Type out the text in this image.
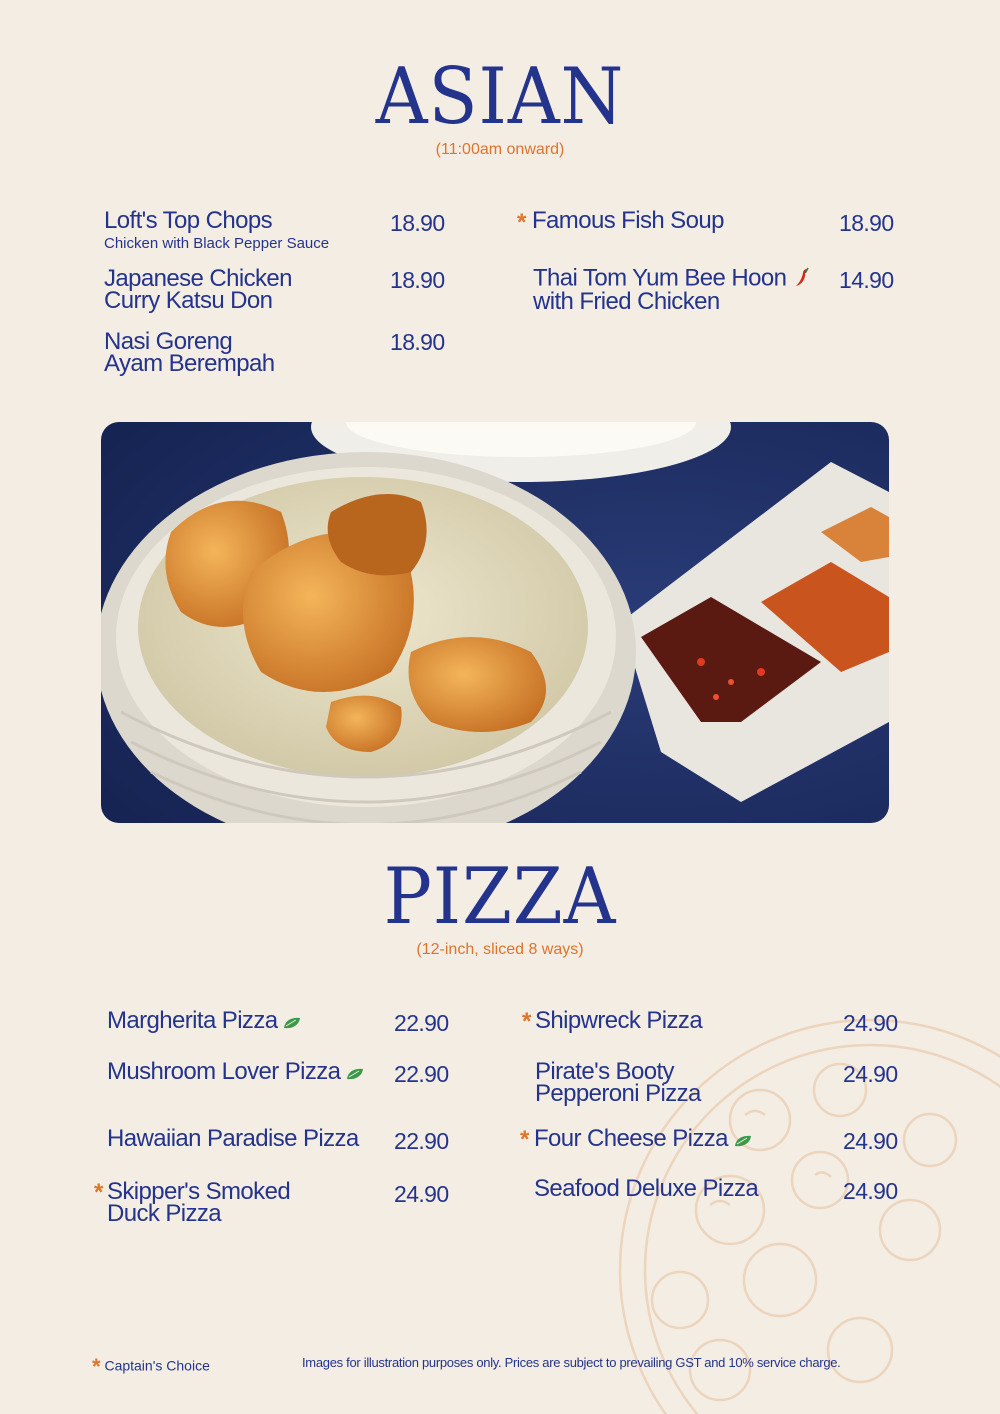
ASIAN

(11:00am onward)

Loft's Top Chops
Chicken with Black Pepper Sauce
18.90
Japanese Chicken
Curry Katsu Don
18.90
Nasi Goreng
Ayam Berempah
18.90
* Famous Fish Soup	18.90
Thai Tom Yum Bee Hoon
with Fried Chicken
14.90
PIZZA

(12-inch, sliced 8 ways)

Margherita Pizza	22.90
Mushroom Lover Pizza	22.90
Hawaiian Paradise Pizza 22.90
* Skipper's Smoked
Duck Pizza
24.90
* Shipwreck Pizza	24.90
Pirate's Booty
Pepperoni Pizza
24.90
* Four Cheese Pizza	24.90
Seafood Deluxe Pizza	24.90
* Captain's Choice	Images for illustration purposes only. Prices are subject to prevailing GST and 10% service charge.
